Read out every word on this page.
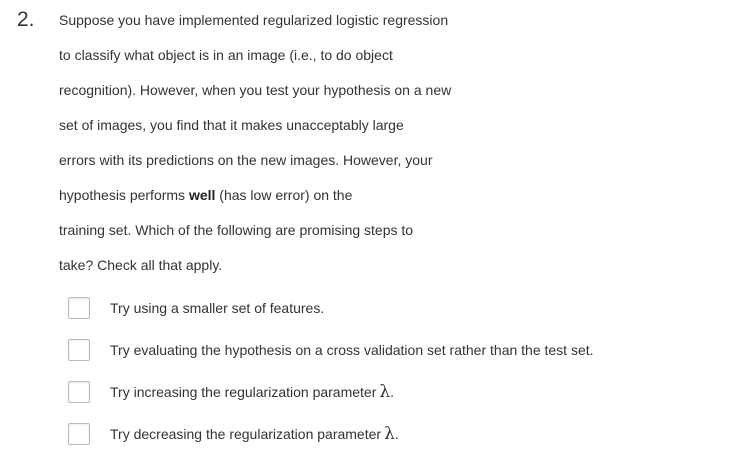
2. Suppose you have implemented regularized logistic regression
to classify what object is in an image (i.e., to do object
recognition). However, when you test your hypothesis on a new
set of images, you find that it makes unacceptably large
errors with its predictions on the new images. However, your
hypothesis performs well (has low error) on the
training set. Which of the following are promising steps to
take? Check all that apply.
Try using a smaller set of features.
Try evaluating the hypothesis on a cross validation set rather than the test set.
Try increasing the regularization parameter λ.
Try decreasing the regularization parameter λ.
